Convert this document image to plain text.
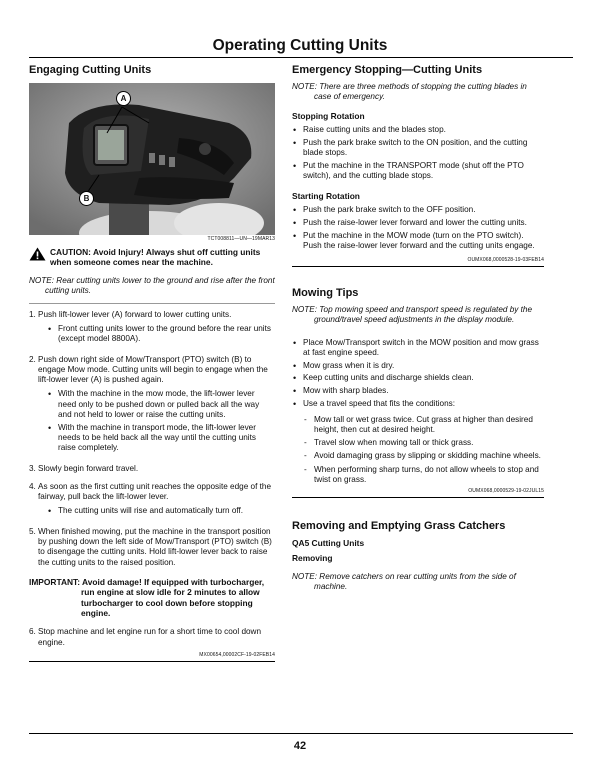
Operating Cutting Units
Engaging Cutting Units
A
B
TCT008811—UN—19MAR13
CAUTION: Avoid Injury! Always shut off cutting units when someone comes near the machine.

NOTE: Rear cutting units lower to the ground and rise after the front cutting units.

1. Push lift-lower lever (A) forward to lower cutting units.
• Front cutting units lower to the ground before the rear units (except model 8800A).
2. Push down right side of Mow/Transport (PTO) switch (B) to engage Mow mode. Cutting units will begin to engage when the lift-lower lever (A) is pushed again.
• With the machine in the mow mode, the lift-lower lever need only to be pushed down or pulled back all the way and not held to lower or raise the cutting units.
• With the machine in transport mode, the lift-lower lever needs to be held back all the way until the cutting units raise completely.
3. Slowly begin forward travel.
4. As soon as the first cutting unit reaches the opposite edge of the fairway, pull back the lift-lower lever.
• The cutting units will rise and automatically turn off.
5. When finished mowing, put the machine in the transport position by pushing down the left side of Mow/Transport (PTO) switch (B) to disengage the cutting units. Hold lift-lower lever back to raise the cutting units to the raised position.

IMPORTANT: Avoid damage! If equipped with turbocharger, run engine at slow idle for 2 minutes to allow turbocharger to cool down before stopping engine.

6. Stop machine and let engine run for a short time to cool down engine.
MX00654,00002CF-19-02FEB14
Emergency Stopping—Cutting Units

NOTE: There are three methods of stopping the cutting blades in case of emergency.

Stopping Rotation
• Raise cutting units and the blades stop.
• Push the park brake switch to the ON position, and the cutting blade stops.
• Put the machine in the TRANSPORT mode (shut off the PTO switch), and the cutting blade stops.
Starting Rotation
• Push the park brake switch to the OFF position.
• Push the raise-lower lever forward and lower the cutting units.
• Put the machine in the MOW mode (turn on the PTO switch). Push the raise-lower lever forward and the cutting units engage.
OUMX068,0000528-19-03FEB14
Mowing Tips

NOTE: Top mowing speed and transport speed is regulated by the ground/travel speed adjustments in the display module.

• Place Mow/Transport switch in the MOW position and mow grass at fast engine speed.
• Mow grass when it is dry.
• Keep cutting units and discharge shields clean.
• Mow with sharp blades.
• Use a travel speed that fits the conditions:
- Mow tall or wet grass twice. Cut grass at higher than desired height, then cut at desired height.
- Travel slow when mowing tall or thick grass.
- Avoid damaging grass by slipping or skidding machine wheels.
- When performing sharp turns, do not allow wheels to stop and twist on grass.
OUMX068,0000529-19-02JUL15
Removing and Emptying Grass Catchers
QA5 Cutting Units
Removing

NOTE: Remove catchers on rear cutting units from the side of machine.

42
